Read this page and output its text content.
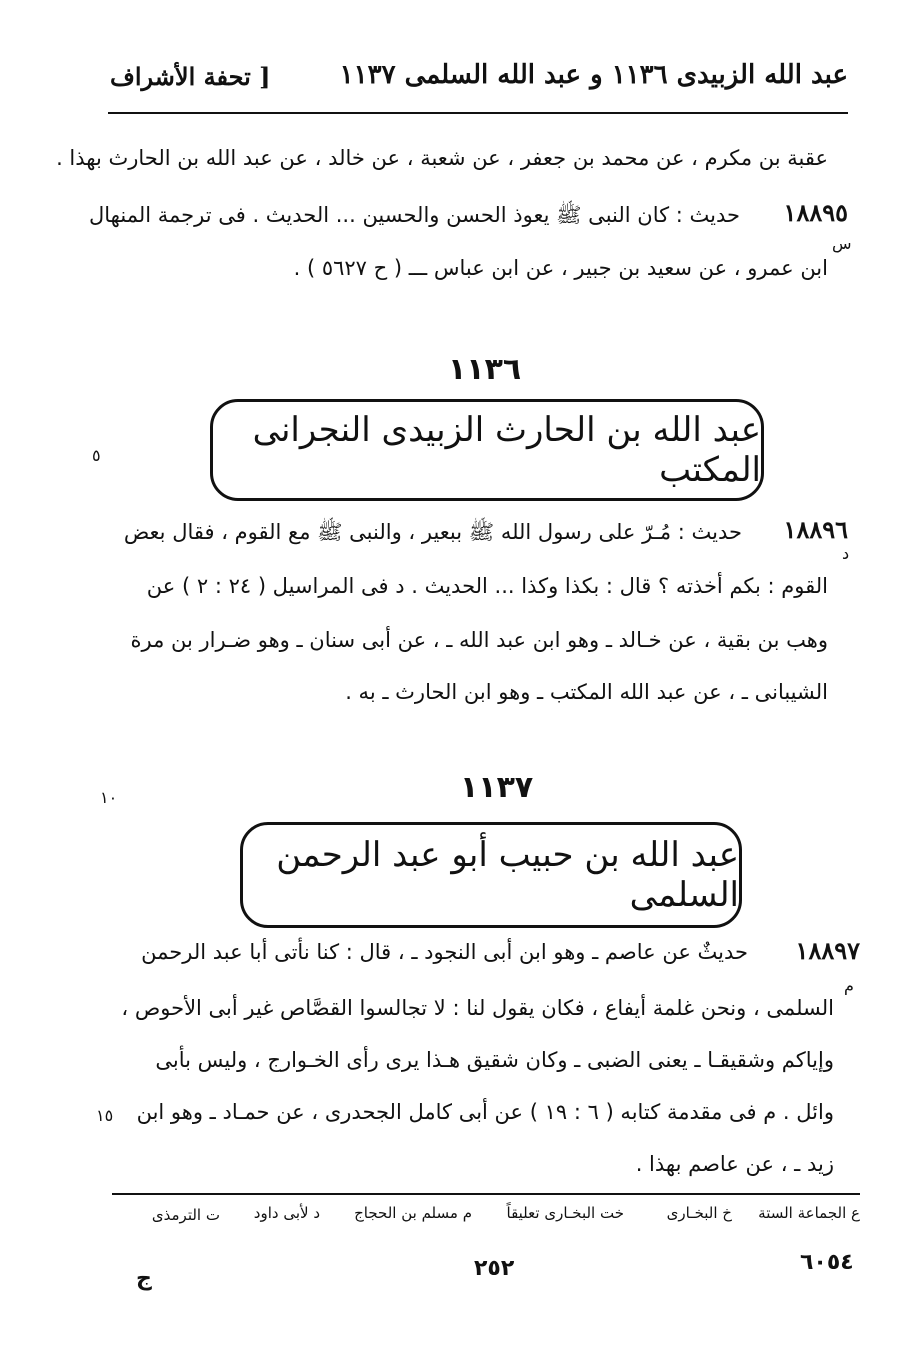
عبد الله الزبيدى ١١٣٦ و عبد الله السلمى ١١٣٧
[ تحفة الأشراف
عقبة بن مكرم ، عن محمد بن جعفر ، عن شعبة ، عن خالد ، عن عبد الله بن الحارث بهذا .
١٨٨٩٥
حديث : كان النبى ﷺ يعوذ الحسن والحسين ... الحديث . فى ترجمة المنهال
س
ابن عمرو ، عن سعيد بن جبير ، عن ابن عباس ـــ ( ح ٥٦٢٧ ) .
١١٣٦
عبد الله بن الحارث الزبيدى النجرانى المكتب
٥
١٨٨٩٦
حديث : مُـرّ على رسول الله ﷺ ببعير ، والنبى ﷺ مع القوم ، فقال بعض
د
القوم : بكم أخذته ؟ قال : بكذا وكذا ... الحديث . د فى المراسيل ( ٢٤ : ٢ ) عن
وهب بن بقية ، عن خـالد ـ وهو ابن عبد الله ـ ، عن أبى سنان ـ وهو ضـرار بن مرة
الشيبانى ـ ، عن عبد الله المكتب ـ وهو ابن الحارث ـ به .
١١٣٧
١٠
عبد الله بن حبيب أبو عبد الرحمن السلمى
١٨٨٩٧
حديثٌ عن عاصم ـ وهو ابن أبى النجود ـ ، قال : كنا نأتى أبا عبد الرحمن
م
السلمى ، ونحن غلمة أيفاع ، فكان يقول لنا : لا تجالسوا القصَّاص غير أبى الأحوص ،
وإياكم وشقيقـا ـ يعنى الضبى ـ وكان شقيق هـذا يرى رأى الخـوارج ، وليس بأبى
وائل . م فى مقدمة كتابه ( ٦ : ١٩ ) عن أبى كامل الجحدرى ، عن حمـاد ـ وهو ابن
١٥
زيد ـ ، عن عاصم بهذا .
ع الجماعة الستة
خ البخـارى
خت البخـارى تعليقاً
م مسلم بن الحجاج
د لأبى داود
ت الترمذى
٦٠٥٤
٢٥٢
ج
